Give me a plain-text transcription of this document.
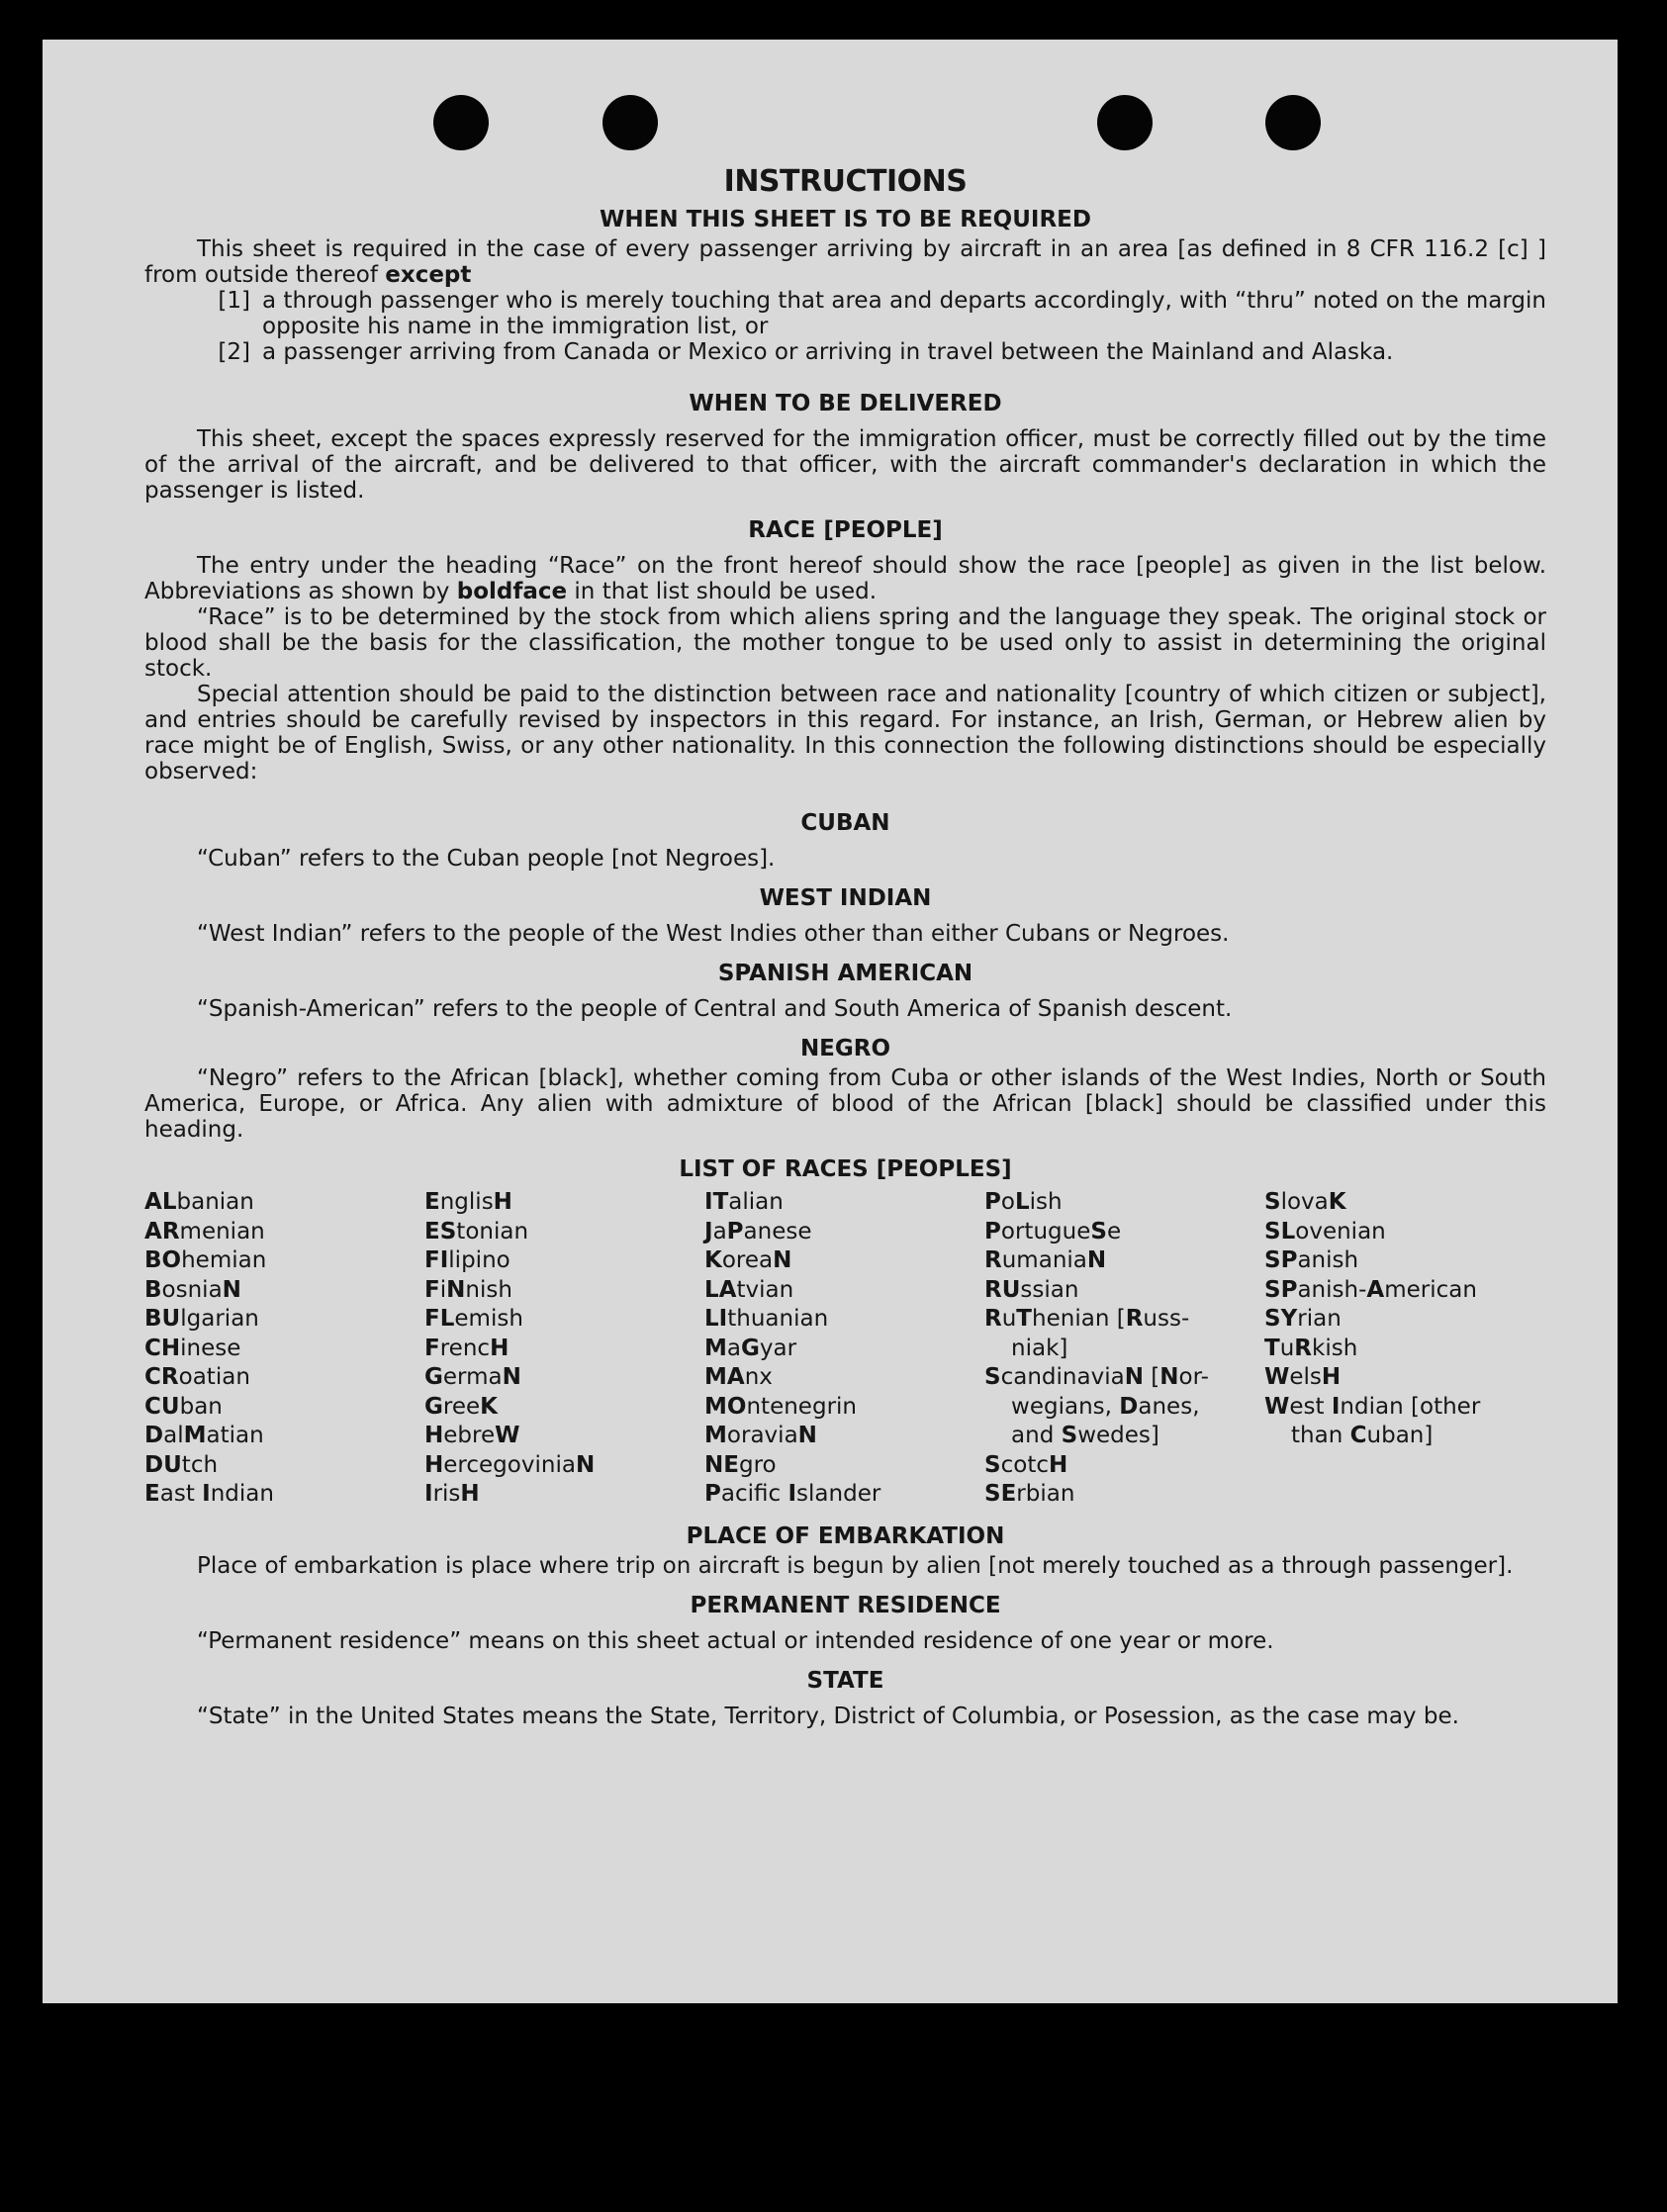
INSTRUCTIONS
WHEN THIS SHEET IS TO BE REQUIRED

This sheet is required in the case of every passenger arriving by aircraft in an area [as defined in 8 CFR 116.2 [c] ] from outside thereof except

[1] a through passenger who is merely touching that area and departs accordingly, with “thru” noted on the margin opposite his name in the immigration list, or
[2] a passenger arriving from Canada or Mexico or arriving in travel between the Mainland and Alaska.
WHEN TO BE DELIVERED

This sheet, except the spaces expressly reserved for the immigration officer, must be correctly filled out by the time of the arrival of the aircraft, and be delivered to that officer, with the aircraft commander's declaration in which the passenger is listed.

RACE [PEOPLE]

The entry under the heading “Race” on the front hereof should show the race [people] as given in the list below. Abbreviations as shown by boldface in that list should be used.

“Race” is to be determined by the stock from which aliens spring and the language they speak. The original stock or blood shall be the basis for the classification, the mother tongue to be used only to assist in determining the original stock.

Special attention should be paid to the distinction between race and nationality [country of which citizen or subject], and entries should be carefully revised by inspectors in this regard. For instance, an Irish, German, or Hebrew alien by race might be of English, Swiss, or any other nationality. In this connection the following distinctions should be especially observed:

CUBAN

“Cuban” refers to the Cuban people [not Negroes].

WEST INDIAN

“West Indian” refers to the people of the West Indies other than either Cubans or Negroes.

SPANISH AMERICAN

“Spanish-American” refers to the people of Central and South America of Spanish descent.

NEGRO

“Negro” refers to the African [black], whether coming from Cuba or other islands of the West Indies, North or South America, Europe, or Africa. Any alien with admixture of blood of the African [black] should be classified under this heading.

LIST OF RACES [PEOPLES]
ALbanian
ARmenian
BOhemian
BosniaN
BUlgarian
CHinese
CRoatian
CUban
DalMatian
DUtch
East Indian
EnglisH
EStonian
FIlipino
FiNnish
FLemish
FrencH
GermaN
GreeK
HebreW
HercegoviniaN
IrisH
ITalian
JaPanese
KoreaN
LAtvian
LIthuanian
MaGyar
MAnx
MOntenegrin
MoraviaN
NEgro
Pacifc Islander
PoLish
PortugueSe
RumaniaN
RUssian
RuThenian [Russ-
niak]
ScandinaviaN [Nor-
wegians, Danes,
and Swedes]
ScotcH
SErbian
SlovaK
SLovenian
SPanish
SPanish-American
SYrian
TuRkish
WelsH
West Indian [other
than Cuban]
PLACE OF EMBARKATION

Place of embarkation is place where trip on aircraft is begun by alien [not merely touched as a through passenger].

PERMANENT RESIDENCE

“Permanent residence” means on this sheet actual or intended residence of one year or more.

STATE

“State” in the United States means the State, Territory, District of Columbia, or Posession, as the case may be.
